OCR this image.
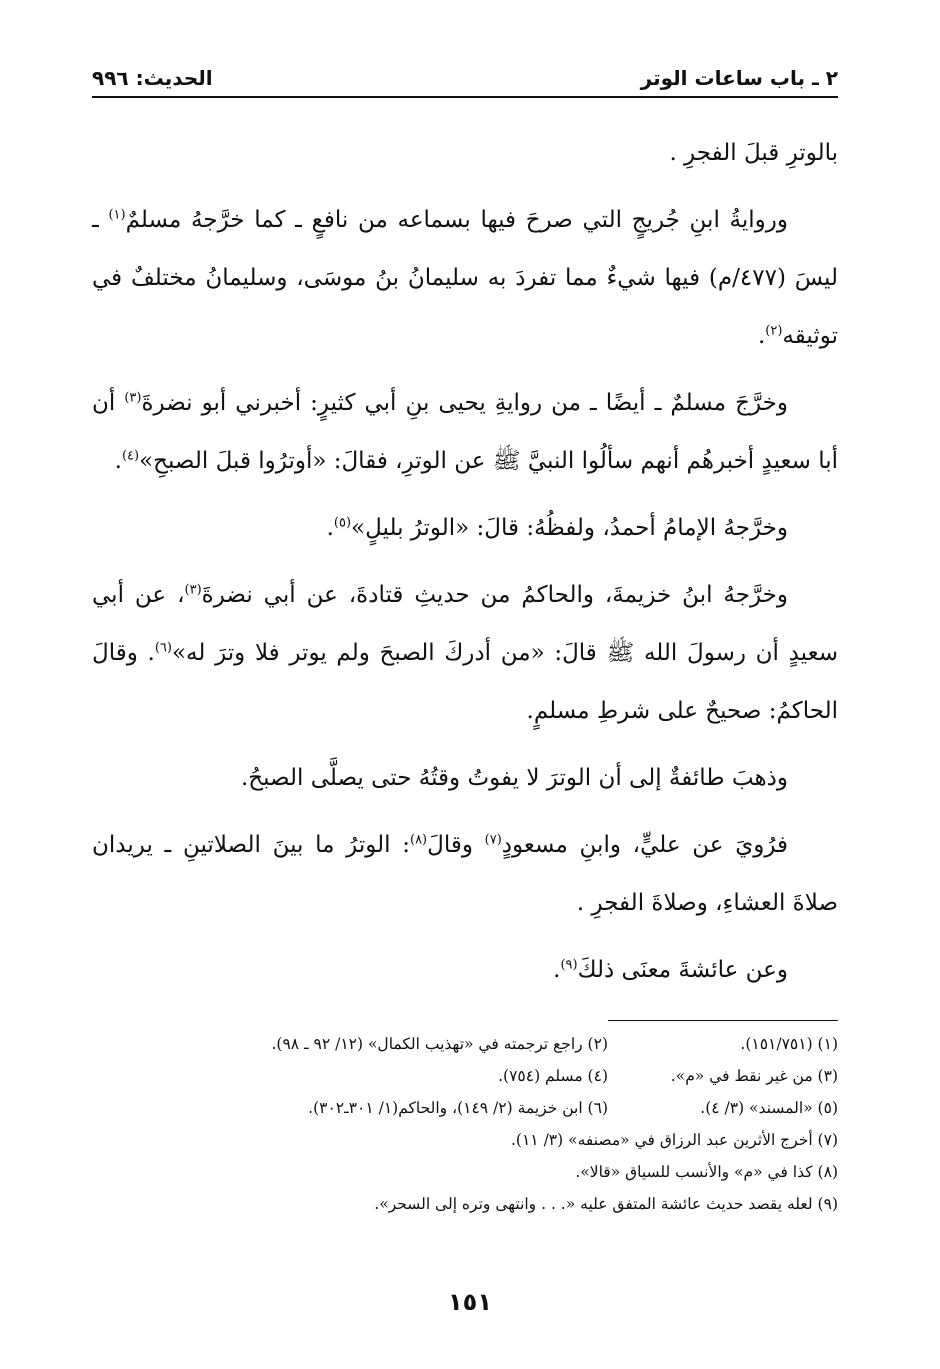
٢ ـ باب ساعات الوتر
الحديث: ٩٩٦

بالوترِ قبلَ الفجرِ .

وروايةُ ابنِ جُريجٍ التي صرحَ فيها بسماعه من نافعٍ ـ كما خرَّجهُ مسلمٌ$^{(١)}$ ـ ليسَ (٤٧٧/م) فيها شيءٌ مما تفردَ به سليمانُ بنُ موسَى، وسليمانُ مختلفٌ في توثيقه$^{(٢)}$.

وخرَّجَ مسلمٌ ـ أيضًا ـ من روايةِ يحيى بنِ أبي كثيرٍ: أخبرني أبو نضرةَ$^{(٣)}$ أن أبا سعيدٍ أخبرهُم أنهم سألُوا النبيَّ ﷺ عن الوترِ، فقالَ: «أوترُوا قبلَ الصبحِ»$^{(٤)}$.

وخرَّجهُ الإمامُ أحمدُ، ولفظُهُ: قالَ: «الوترُ بليلٍ»$^{(٥)}$.

وخرَّجهُ ابنُ خزيمةَ، والحاكمُ من حديثِ قتادةَ، عن أبي نضرةَ$^{(٣)}$، عن أبي سعيدٍ أن رسولَ الله ﷺ قالَ: «من أدركَ الصبحَ ولم يوتر فلا وترَ له»$^{(٦)}$. وقالَ الحاكمُ: صحيحٌ على شرطِ مسلمٍ.

وذهبَ طائفةٌ إلى أن الوترَ لا يفوتُ وقتُهُ حتى يصلَّى الصبحُ.

فرُويَ عن عليٍّ، وابنِ مسعودٍ$^{(٧)}$ وقالَ$^{(٨)}$: الوترُ ما بينَ الصلاتينِ ـ يريدان صلاةَ العشاءِ، وصلاةَ الفجرِ .

وعن عائشةَ معنَى ذلكَ$^{(٩)}$.

(١) (١٥١/٧٥١).
(٢) راجع ترجمته في «تهذيب الكمال» (١٢/ ٩٢ ـ ٩٨).
(٣) من غير نقط في «م».
(٤) مسلم (٧٥٤).
(٥) «المسند» (٣/ ٤).
(٦) ابن خزيمة (٢/ ١٤٩)، والحاكم(١/ ٣٠١ـ٣٠٢).
(٧) أخرج الأثرين عبد الرزاق في «مصنفه» (٣/ ١١).
(٨) كذا في «م» والأنسب للسياق «قالا».
(٩) لعله يقصد حديث عائشة المتفق عليه «. . . وانتهى وتره إلى السحر».
١٥١
